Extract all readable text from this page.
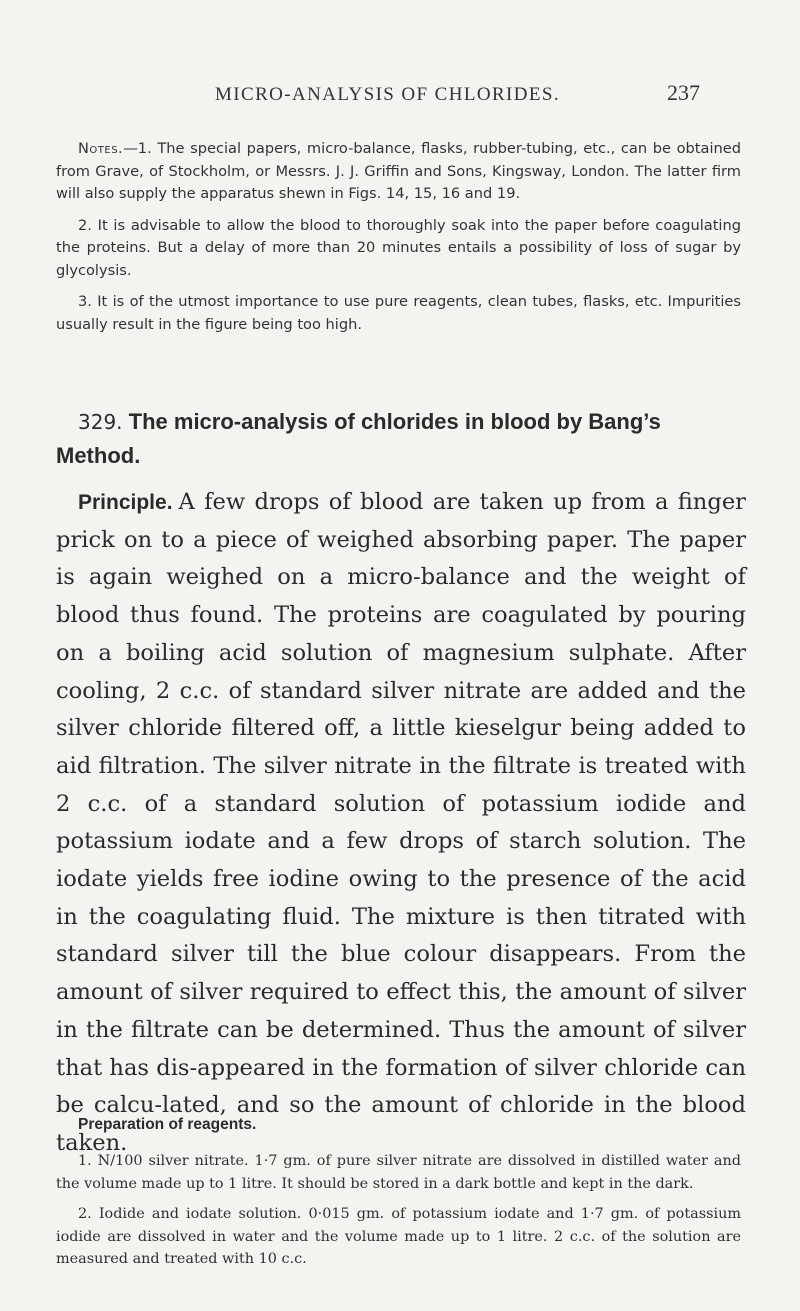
MICRO-ANALYSIS OF CHLORIDES.	237

Notes.—1. The special papers, micro-balance, flasks, rubber-tubing, etc., can be obtained from Grave, of Stockholm, or Messrs. J. J. Griffin and Sons, Kingsway, London. The latter firm will also supply the apparatus shewn in Figs. 14, 15, 16 and 19.

2. It is advisable to allow the blood to thoroughly soak into the paper before coagulating the proteins. But a delay of more than 20 minutes entails a possibility of loss of sugar by glycolysis.

3. It is of the utmost importance to use pure reagents, clean tubes, flasks, etc. Impurities usually result in the figure being too high.

329. The micro-analysis of chlorides in blood by Bang’s Method.

Principle. A few drops of blood are taken up from a finger prick on to a piece of weighed absorbing paper. The paper is again weighed on a micro-balance and the weight of blood thus found. The proteins are coagulated by pouring on a boiling acid solution of magnesium sulphate. After cooling, 2 c.c. of standard silver nitrate are added and the silver chloride filtered off, a little kieselgur being added to aid filtration. The silver nitrate in the filtrate is treated with 2 c.c. of a standard solution of potassium iodide and potassium iodate and a few drops of starch solution. The iodate yields free iodine owing to the presence of the acid in the coagulating fluid. The mixture is then titrated with standard silver till the blue colour disappears. From the amount of silver required to effect this, the amount of silver in the filtrate can be determined. Thus the amount of silver that has dis-appeared in the formation of silver chloride can be calcu-lated, and so the amount of chloride in the blood taken.

Preparation of reagents.

1. N/100 silver nitrate. 1·7 gm. of pure silver nitrate are dissolved in distilled water and the volume made up to 1 litre. It should be stored in a dark bottle and kept in the dark.

2. Iodide and iodate solution. 0·015 gm. of potassium iodate and 1·7 gm. of potassium iodide are dissolved in water and the volume made up to 1 litre. 2 c.c. of the solution are measured and treated with 10 c.c.
